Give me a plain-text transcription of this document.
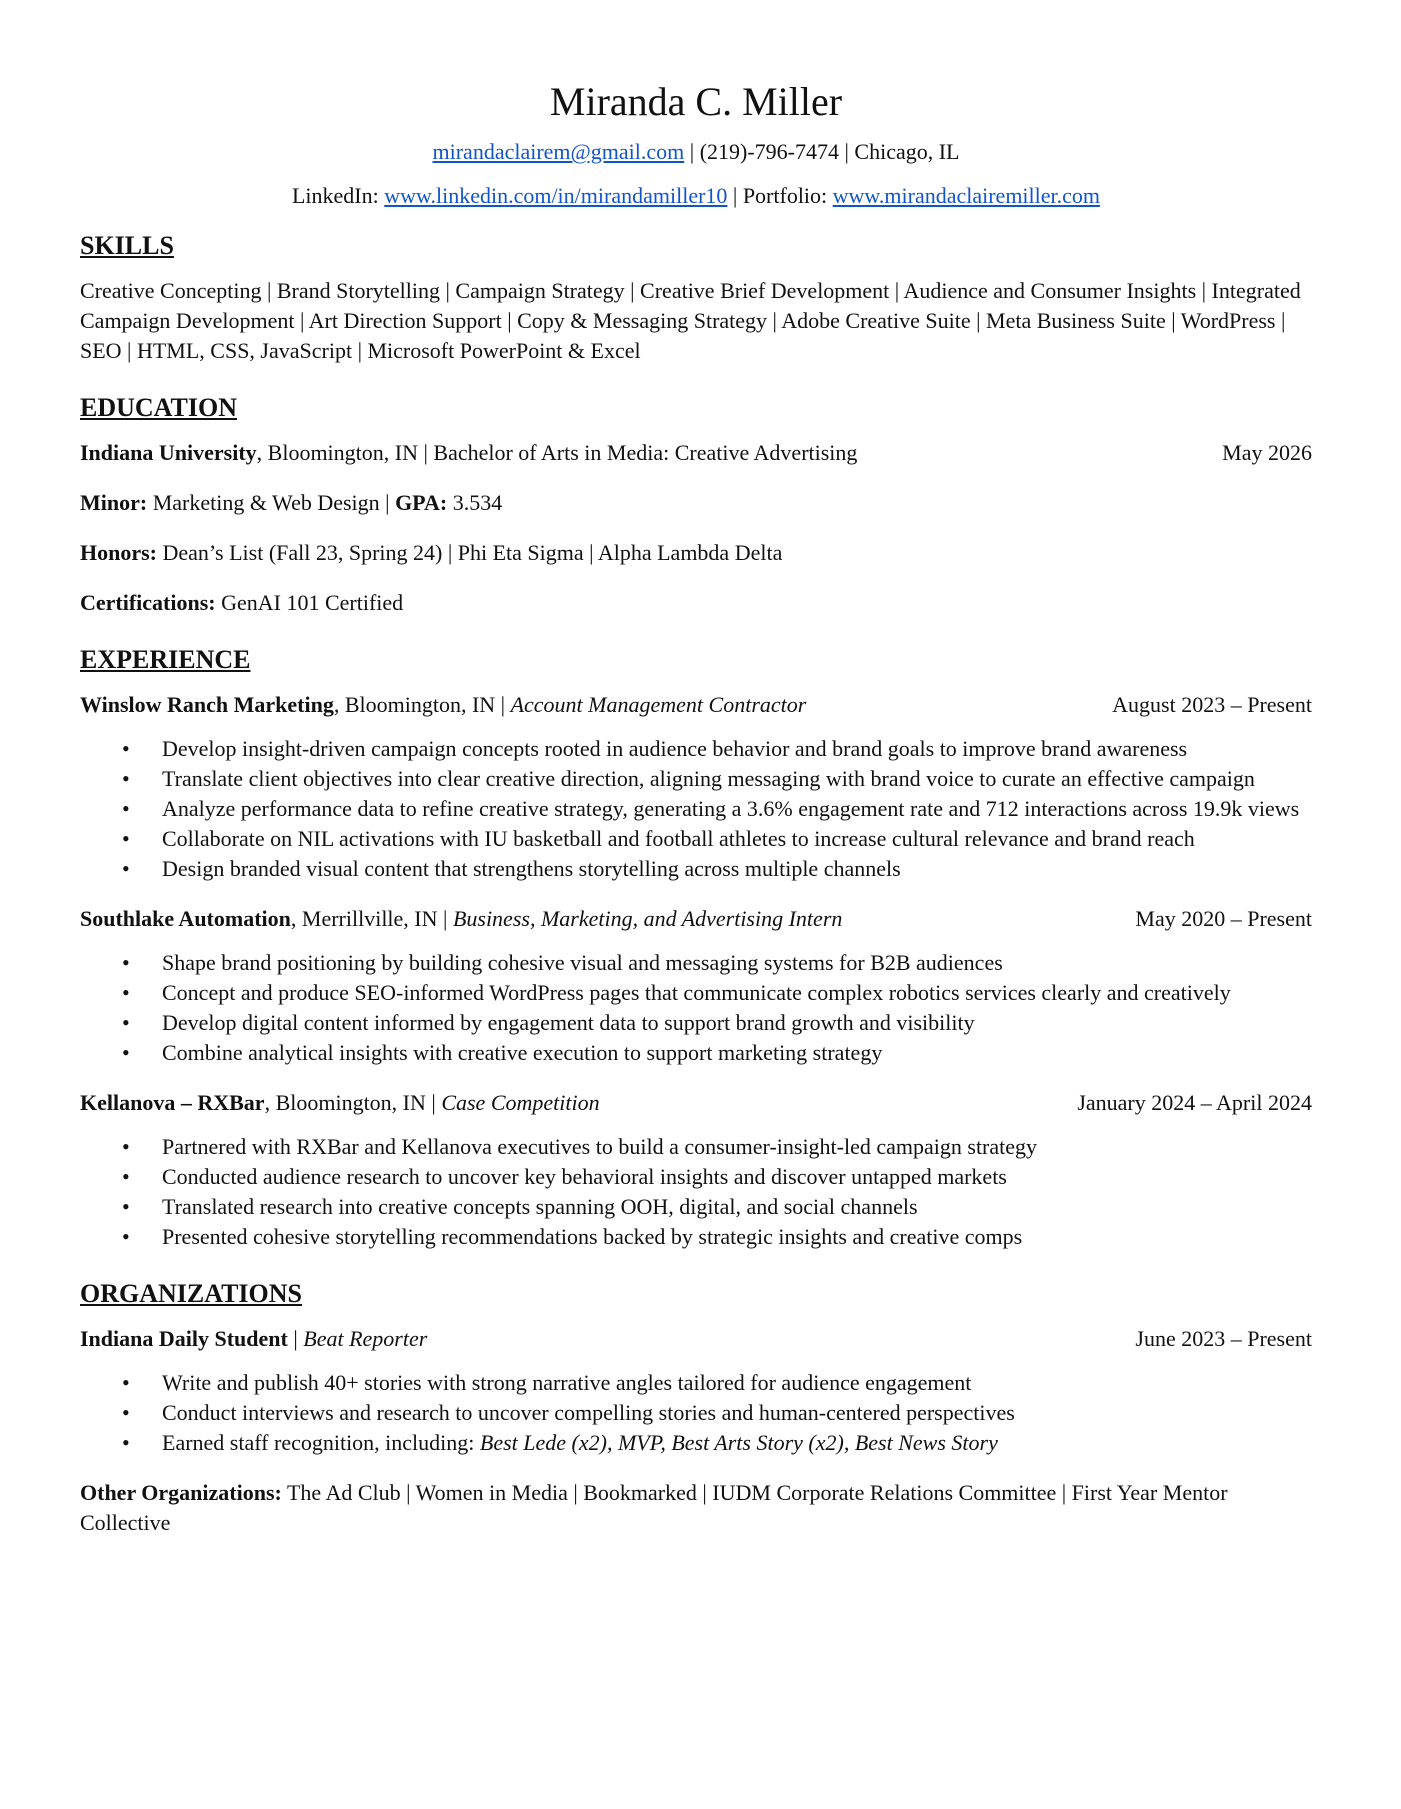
Miranda C. Miller

mirandaclairem@gmail.com | (219)-796-7474 | Chicago, IL

LinkedIn: www.linkedin.com/in/mirandamiller10 | Portfolio: www.mirandaclairemiller.com

SKILLS

Creative Concepting | Brand Storytelling | Campaign Strategy | Creative Brief Development | Audience and Consumer Insights | Integrated Campaign Development | Art Direction Support | Copy & Messaging Strategy | Adobe Creative Suite | Meta Business Suite | WordPress | SEO | HTML, CSS, JavaScript | Microsoft PowerPoint & Excel

EDUCATION
Indiana University, Bloomington, IN | Bachelor of Arts in Media: Creative Advertising	May 2026
Minor: Marketing & Web Design | GPA: 3.534
Honors: Dean’s List (Fall 23, Spring 24) | Phi Eta Sigma | Alpha Lambda Delta
Certifications: GenAI 101 Certified
EXPERIENCE
Winslow Ranch Marketing, Bloomington, IN | Account Management Contractor	August 2023 – Present
• Develop insight-driven campaign concepts rooted in audience behavior and brand goals to improve brand awareness
• Translate client objectives into clear creative direction, aligning messaging with brand voice to curate an effective campaign
• Analyze performance data to refine creative strategy, generating a 3.6% engagement rate and 712 interactions across 19.9k views
• Collaborate on NIL activations with IU basketball and football athletes to increase cultural relevance and brand reach
• Design branded visual content that strengthens storytelling across multiple channels
Southlake Automation, Merrillville, IN | Business, Marketing, and Advertising Intern	May 2020 – Present
• Shape brand positioning by building cohesive visual and messaging systems for B2B audiences
• Concept and produce SEO-informed WordPress pages that communicate complex robotics services clearly and creatively
• Develop digital content informed by engagement data to support brand growth and visibility
• Combine analytical insights with creative execution to support marketing strategy
Kellanova – RXBar, Bloomington, IN | Case Competition	January 2024 – April 2024
• Partnered with RXBar and Kellanova executives to build a consumer-insight-led campaign strategy
• Conducted audience research to uncover key behavioral insights and discover untapped markets
• Translated research into creative concepts spanning OOH, digital, and social channels
• Presented cohesive storytelling recommendations backed by strategic insights and creative comps
ORGANIZATIONS
Indiana Daily Student | Beat Reporter	June 2023 – Present
• Write and publish 40+ stories with strong narrative angles tailored for audience engagement
• Conduct interviews and research to uncover compelling stories and human-centered perspectives
• Earned staff recognition, including: Best Lede (x2), MVP, Best Arts Story (x2), Best News Story
Other Organizations: The Ad Club | Women in Media | Bookmarked | IUDM Corporate Relations Committee | First Year Mentor Collective
